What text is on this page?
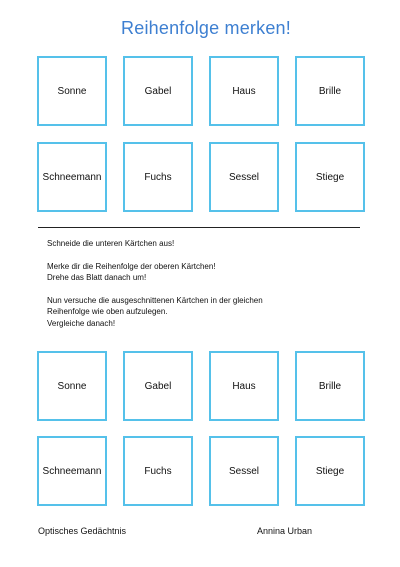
Reihenfolge merken!
Sonne	Gabel	Haus	Brille
Schneemann	Fuchs	Sessel	Stiege

Schneide die unteren Kärtchen aus!

Merke dir die Reihenfolge der oberen Kärtchen!
Drehe das Blatt danach um!

Nun versuche die ausgeschnittenen Kärtchen in der gleichen
Reihenfolge wie oben aufzulegen.
Vergleiche danach!

Sonne	Gabel	Haus	Brille
Schneemann	Fuchs	Sessel	Stiege
Optisches Gedächtnis	Annina Urban
